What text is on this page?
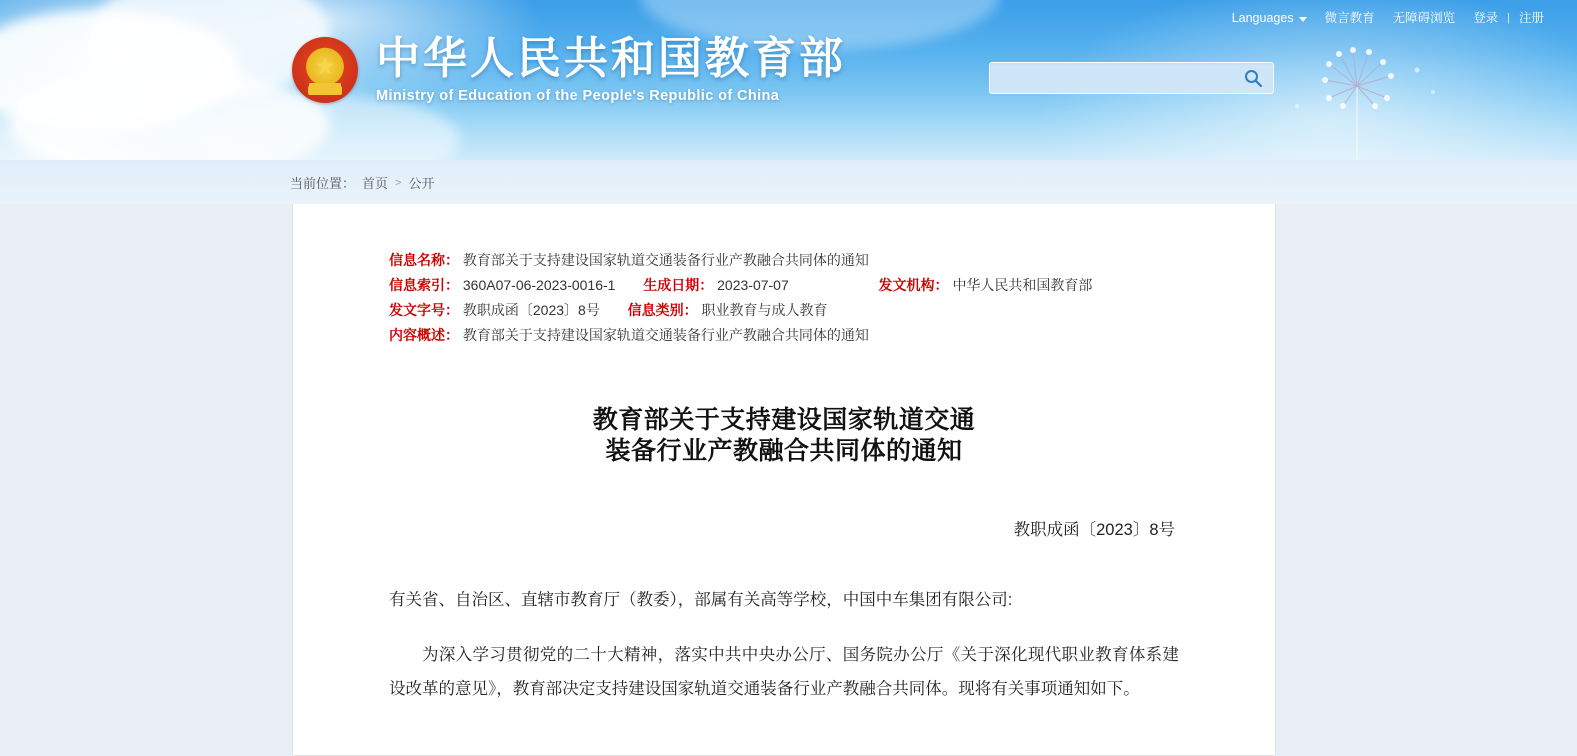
Languages	微言教育	无障碍浏览	登录 | 注册
★
中华人民共和国教育部
Ministry of Education of the People's Republic of China
当前位置： 首页 > 公开
信息名称： 教育部关于支持建设国家轨道交通装备行业产教融合共同体的通知
信息索引： 360A07-06-2023-0016-1 生成日期： 2023-07-07	发文机构： 中华人民共和国教育部
发文字号： 教职成函〔2023〕8号 信息类别： 职业教育与成人教育
内容概述： 教育部关于支持建设国家轨道交通装备行业产教融合共同体的通知
教育部关于支持建设国家轨道交通
装备行业产教融合共同体的通知
教职成函〔2023〕8号
有关省、自治区、直辖市教育厅（教委），部属有关高等学校，中国中车集团有限公司:
为深入学习贯彻党的二十大精神，落实中共中央办公厅、国务院办公厅《关于深化现代职业教育体系建设改革的意见》，教育部决定支持建设国家轨道交通装备行业产教融合共同体。现将有关事项通知如下。
